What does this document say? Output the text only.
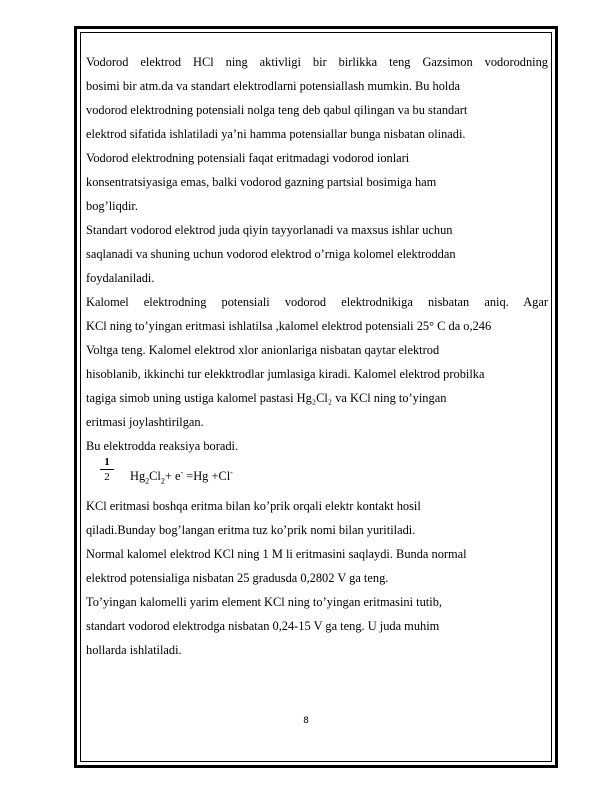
Vodorod elektrod HCl ning aktivligi bir birlikka teng Gazsimon vodorodning
bosimi bir atm.da va standart elektrodlarni potensiallash mumkin. Bu holda
vodorod elektrodning potensiali nolga teng deb qabul qilingan va bu standart
elektrod sifatida ishlatiladi ya’ni hamma potensiallar bunga nisbatan olinadi.
Vodorod elektrodning potensiali faqat eritmadagi vodorod ionlari
konsentratsiyasiga emas, balki vodorod gazning partsial bosimiga ham
bog’liqdir.
Standart vodorod elektrod juda qiyin tayyorlanadi va maxsus ishlar uchun
saqlanadi va shuning uchun vodorod elektrod o’rniga kolomel elektroddan
foydalaniladi.
Kalomel elektrodning potensiali vodorod elektrodnikiga nisbatan aniq. Agar
KCl ning to’yingan eritmasi ishlatilsa ,kalomel elektrod potensiali 25° C da o,246
Voltga teng. Kalomel elektrod xlor anionlariga nisbatan qaytar elektrod
hisoblanib, ikkinchi tur elekktrodlar jumlasiga kiradi. Kalomel elektrod probilka
tagiga simob uning ustiga kalomel pastasi Hg₂Cl₂ va KCl ning to’yingan
eritmasi joylashtirilgan.
Bu elektrodda reaksiya boradi.
$\frac{1}{2} Hg_2Cl_2+ e^- =Hg +Cl^-$
KCl eritmasi boshqa eritma bilan ko’prik orqali elektr kontakt hosil
qiladi.Bunday bog’langan eritma tuz ko’prik nomi bilan yuritiladi.
Normal kalomel elektrod KCl ning 1 M li eritmasini saqlaydi. Bunda normal
elektrod potensialiga nisbatan 25 gradusda 0,2802 V ga teng.
To’yingan kalomelli yarim element KCl ning to’yingan eritmasini tutib,
standart vodorod elektrodga nisbatan 0,24-15 V ga teng. U juda muhim
hollarda ishlatiladi.
8
